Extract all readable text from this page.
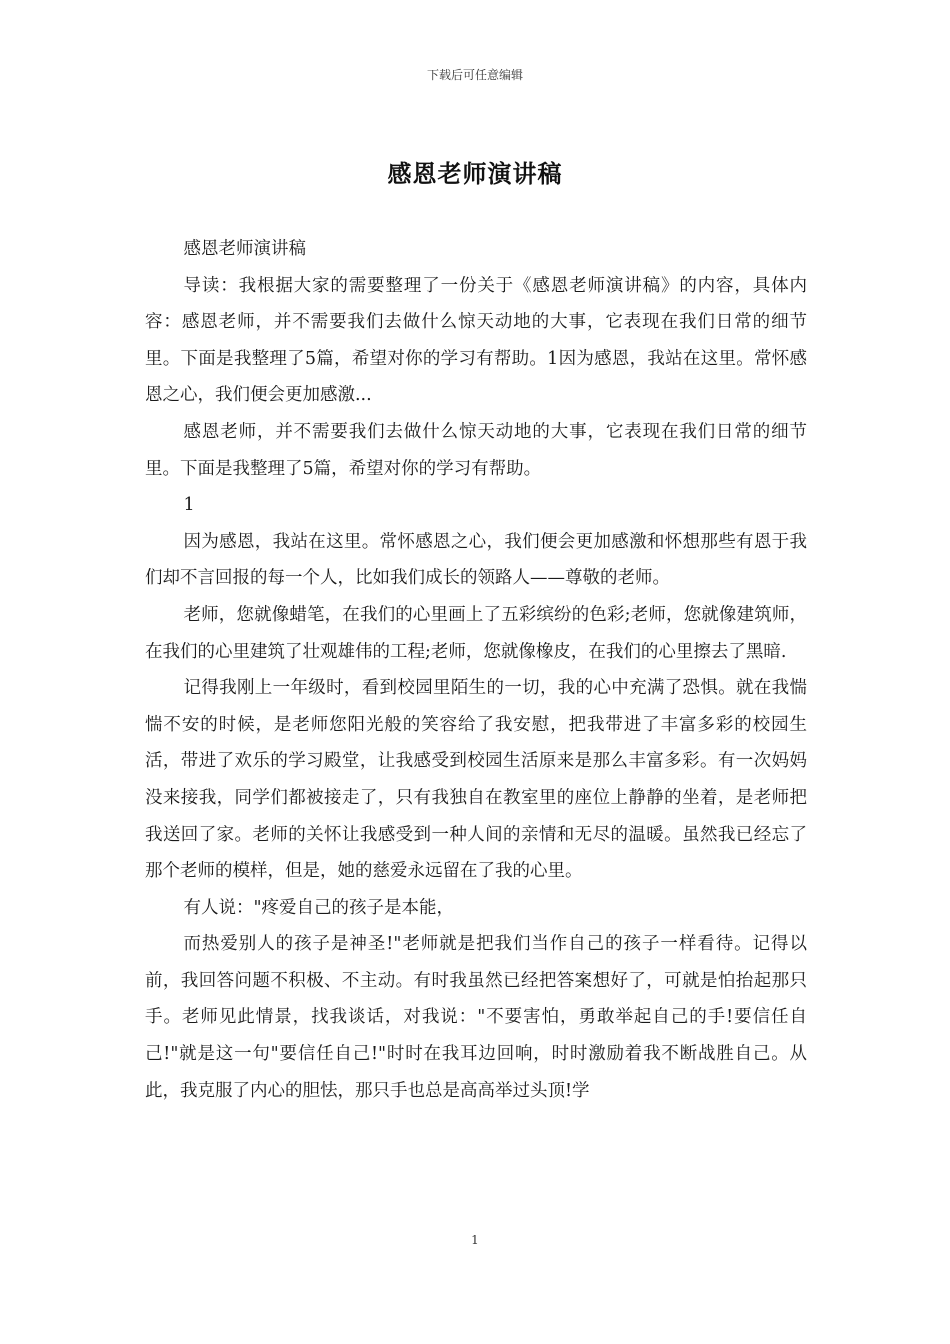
下载后可任意编辑
感恩老师演讲稿

感恩老师演讲稿

导读：我根据大家的需要整理了一份关于《感恩老师演讲稿》的内容，具体内容：感恩老师，并不需要我们去做什么惊天动地的大事，它表现在我们日常的细节里。下面是我整理了5篇，希望对你的学习有帮助。1因为感恩，我站在这里。常怀感恩之心，我们便会更加感激...

感恩老师，并不需要我们去做什么惊天动地的大事，它表现在我们日常的细节里。下面是我整理了5篇，希望对你的学习有帮助。

1

因为感恩，我站在这里。常怀感恩之心，我们便会更加感激和怀想那些有恩于我们却不言回报的每一个人，比如我们成长的领路人——尊敬的老师。

老师，您就像蜡笔，在我们的心里画上了五彩缤纷的色彩;老师，您就像建筑师，在我们的心里建筑了壮观雄伟的工程;老师，您就像橡皮，在我们的心里擦去了黑暗.

记得我刚上一年级时，看到校园里陌生的一切，我的心中充满了恐惧。就在我惴惴不安的时候，是老师您阳光般的笑容给了我安慰，把我带进了丰富多彩的校园生活，带进了欢乐的学习殿堂，让我感受到校园生活原来是那么丰富多彩。有一次妈妈没来接我，同学们都被接走了，只有我独自在教室里的座位上静静的坐着，是老师把我送回了家。老师的关怀让我感受到一种人间的亲情和无尽的温暖。虽然我已经忘了那个老师的模样，但是，她的慈爱永远留在了我的心里。

有人说："疼爱自己的孩子是本能，

而热爱别人的孩子是神圣!"老师就是把我们当作自己的孩子一样看待。记得以前，我回答问题不积极、不主动。有时我虽然已经把答案想好了，可就是怕抬起那只手。老师见此情景，找我谈话，对我说："不要害怕，勇敢举起自己的手!要信任自己!"就是这一句"要信任自己!"时时在我耳边回响，时时激励着我不断战胜自己。从此，我克服了内心的胆怯，那只手也总是高高举过头顶!学

1
